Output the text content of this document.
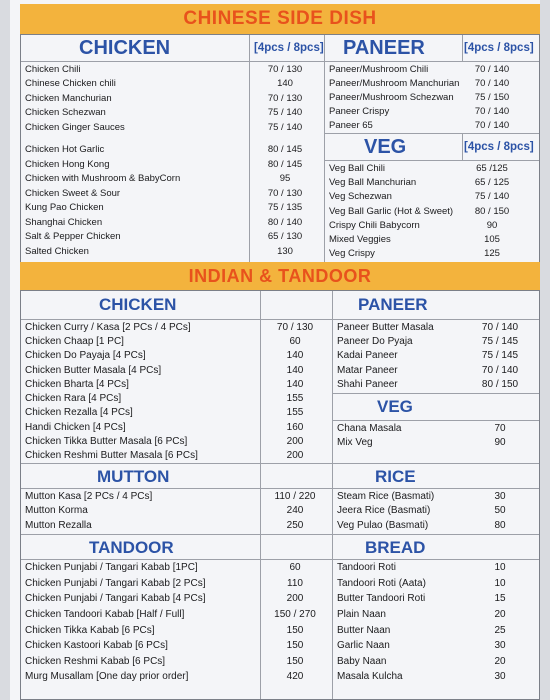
CHINESE SIDE DISH
CHICKEN	[4pcs / 8pcs] PANEER	[4pcs / 8pcs]
VEG	[4pcs / 8pcs]
Chicken Chili	70 / 130
Chinese Chicken chili	140
Chicken Manchurian	70 / 130
Chicken Schezwan	75 / 140
Chicken Ginger Sauces	75 / 140
Chicken Hot Garlic	80 / 145
Chicken Hong Kong	80 / 145
Chicken with Mushroom & BabyCorn	95
Chicken Sweet & Sour	70 / 130
Kung Pao Chicken	75 / 135
Shanghai Chicken	80 / 140
Salt & Pepper Chicken	65 / 130
Salted Chicken	130
Paneer/Mushroom Chili	70 / 140
Paneer/Mushroom Manchurian	70 / 140
Paneer/Mushroom Schezwan	75 / 150
Paneer Crispy	70 / 140
Paneer 65	70 / 140
Veg Ball Chili	65 /125
Veg Ball Manchurian	65 / 125
Veg Schezwan	75 / 140
Veg Ball Garlic (Hot & Sweet)	80 / 150
Crispy Chili Babycorn	90
Mixed Veggies	105
Veg Crispy	125
INDIAN & TANDOOR
CHICKEN	PANEER
VEG
MUTTON	RICE
TANDOOR	BREAD
Chicken Curry / Kasa [2 PCs / 4 PCs]	70 / 130
Chicken Chaap [1 PC]	60
Chicken Do Payaja [4 PCs]	140
Chicken Butter Masala [4 PCs]	140
Chicken Bharta [4 PCs]	140
Chicken Rara [4 PCs]	155
Chicken Rezalla [4 PCs]	155
Handi Chicken [4 PCs]	160
Chicken Tikka Butter Masala [6 PCs]	200
Chicken Reshmi Butter Masala [6 PCs]	200
Paneer Butter Masala	70 / 140
Paneer Do Pyaja	75 / 145
Kadai Paneer	75 / 145
Matar Paneer	70 / 140
Shahi Paneer	80 / 150
Chana Masala	70
Mix Veg	90
Mutton Kasa [2 PCs / 4 PCs]	110 / 220
Mutton Korma	240
Mutton Rezalla	250
Steam Rice (Basmati)	30
Jeera Rice (Basmati)	50
Veg Pulao (Basmati)	80
Chicken Punjabi / Tangari Kabab [1PC]	60
Chicken Punjabi / Tangari Kabab [2 PCs]	110
Chicken Punjabi / Tangari Kabab [4 PCs]	200
Chicken Tandoori Kabab [Half / Full]	150 / 270
Chicken Tikka Kabab [6 PCs]	150
Chicken Kastoori Kabab [6 PCs]	150
Chicken Reshmi Kabab [6 PCs]	150
Murg Musallam [One day prior order]	420
Tandoori Roti	10
Tandoori Roti (Aata)	10
Butter Tandoori Roti	15
Plain Naan	20
Butter Naan	25
Garlic Naan	30
Baby Naan	20
Masala Kulcha	30
